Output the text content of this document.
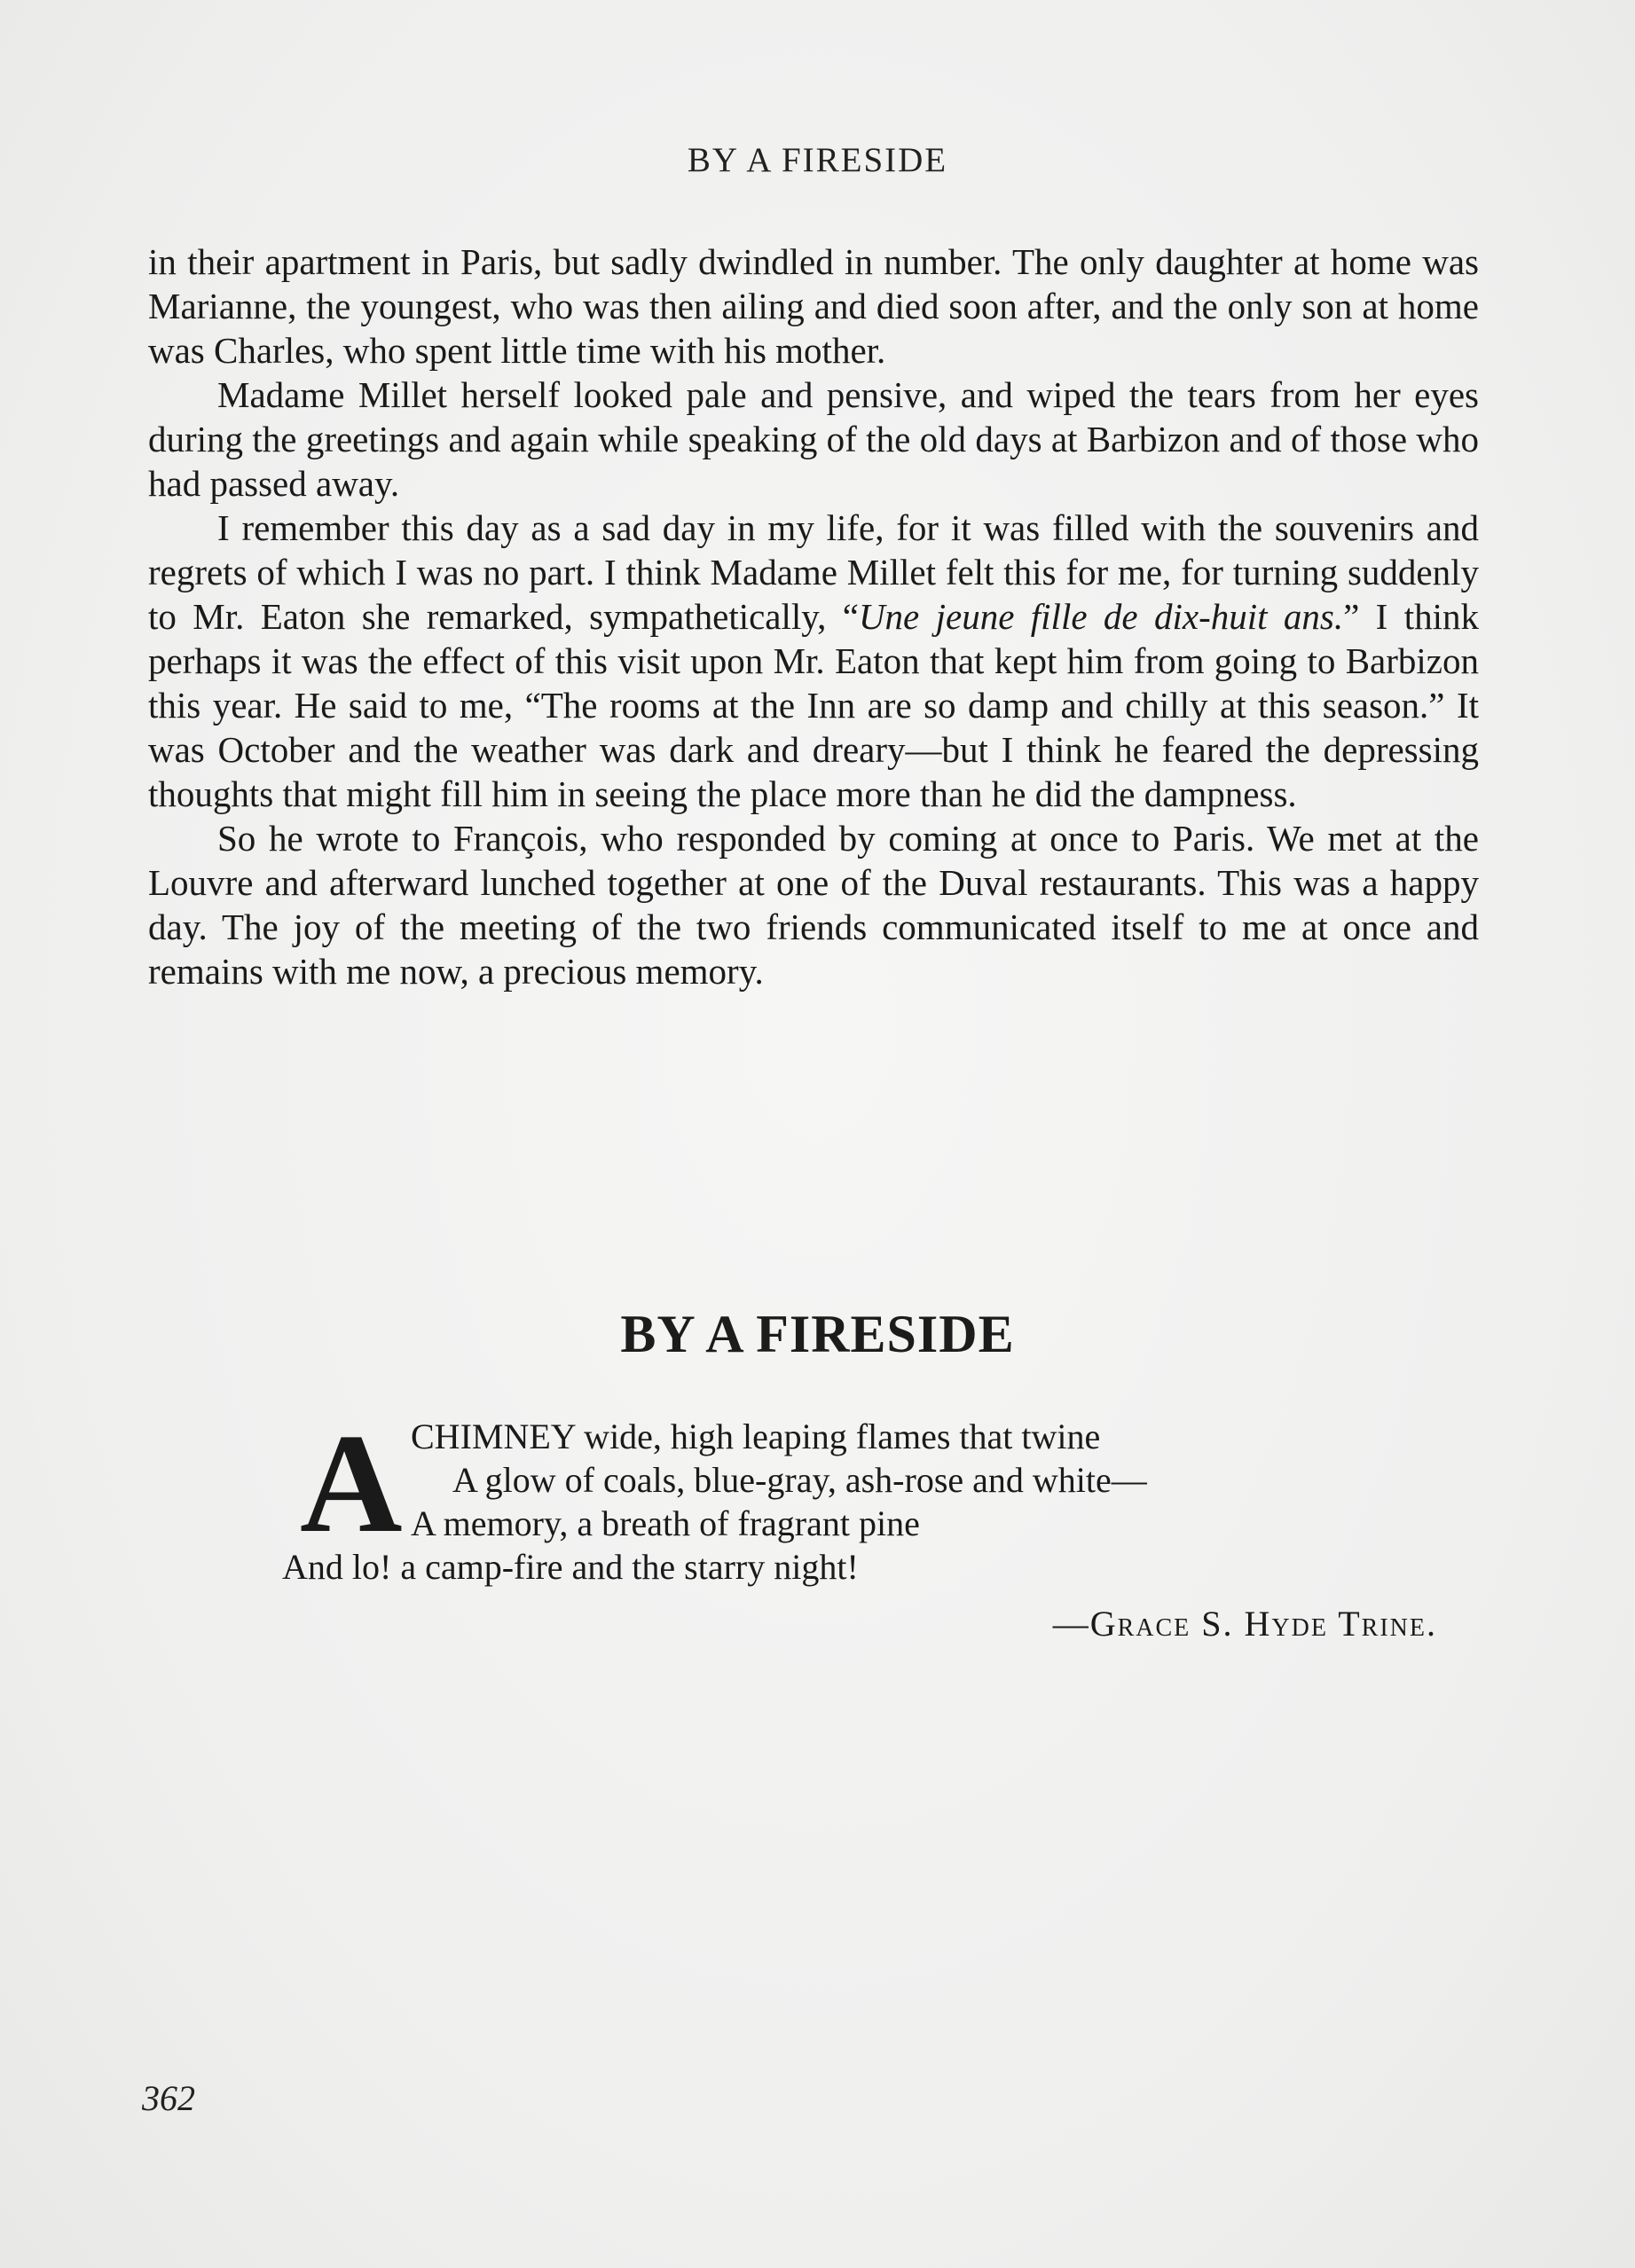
BY A FIRESIDE

in their apartment in Paris, but sadly dwindled in number. The only daughter at home was Marianne, the youngest, who was then ailing and died soon after, and the only son at home was Charles, who spent little time with his mother.

Madame Millet herself looked pale and pensive, and wiped the tears from her eyes during the greetings and again while speaking of the old days at Barbizon and of those who had passed away.

I remember this day as a sad day in my life, for it was filled with the souvenirs and regrets of which I was no part. I think Madame Millet felt this for me, for turning suddenly to Mr. Eaton she remarked, sympathetically, “Une jeune fille de dix-huit ans.” I think perhaps it was the effect of this visit upon Mr. Eaton that kept him from going to Barbizon this year. He said to me, “The rooms at the Inn are so damp and chilly at this season.” It was October and the weather was dark and dreary—but I think he feared the depressing thoughts that might fill him in seeing the place more than he did the dampness.

So he wrote to François, who responded by coming at once to Paris. We met at the Louvre and afterward lunched together at one of the Duval restaurants. This was a happy day. The joy of the meeting of the two friends communicated itself to me at once and remains with me now, a precious memory.

BY A FIRESIDE
A CHIMNEY wide, high leaping flames that twine
A glow of coals, blue-gray, ash-rose and white—
A memory, a breath of fragrant pine
And lo! a camp-fire and the starry night!
—Grace S. Hyde Trine.
362
